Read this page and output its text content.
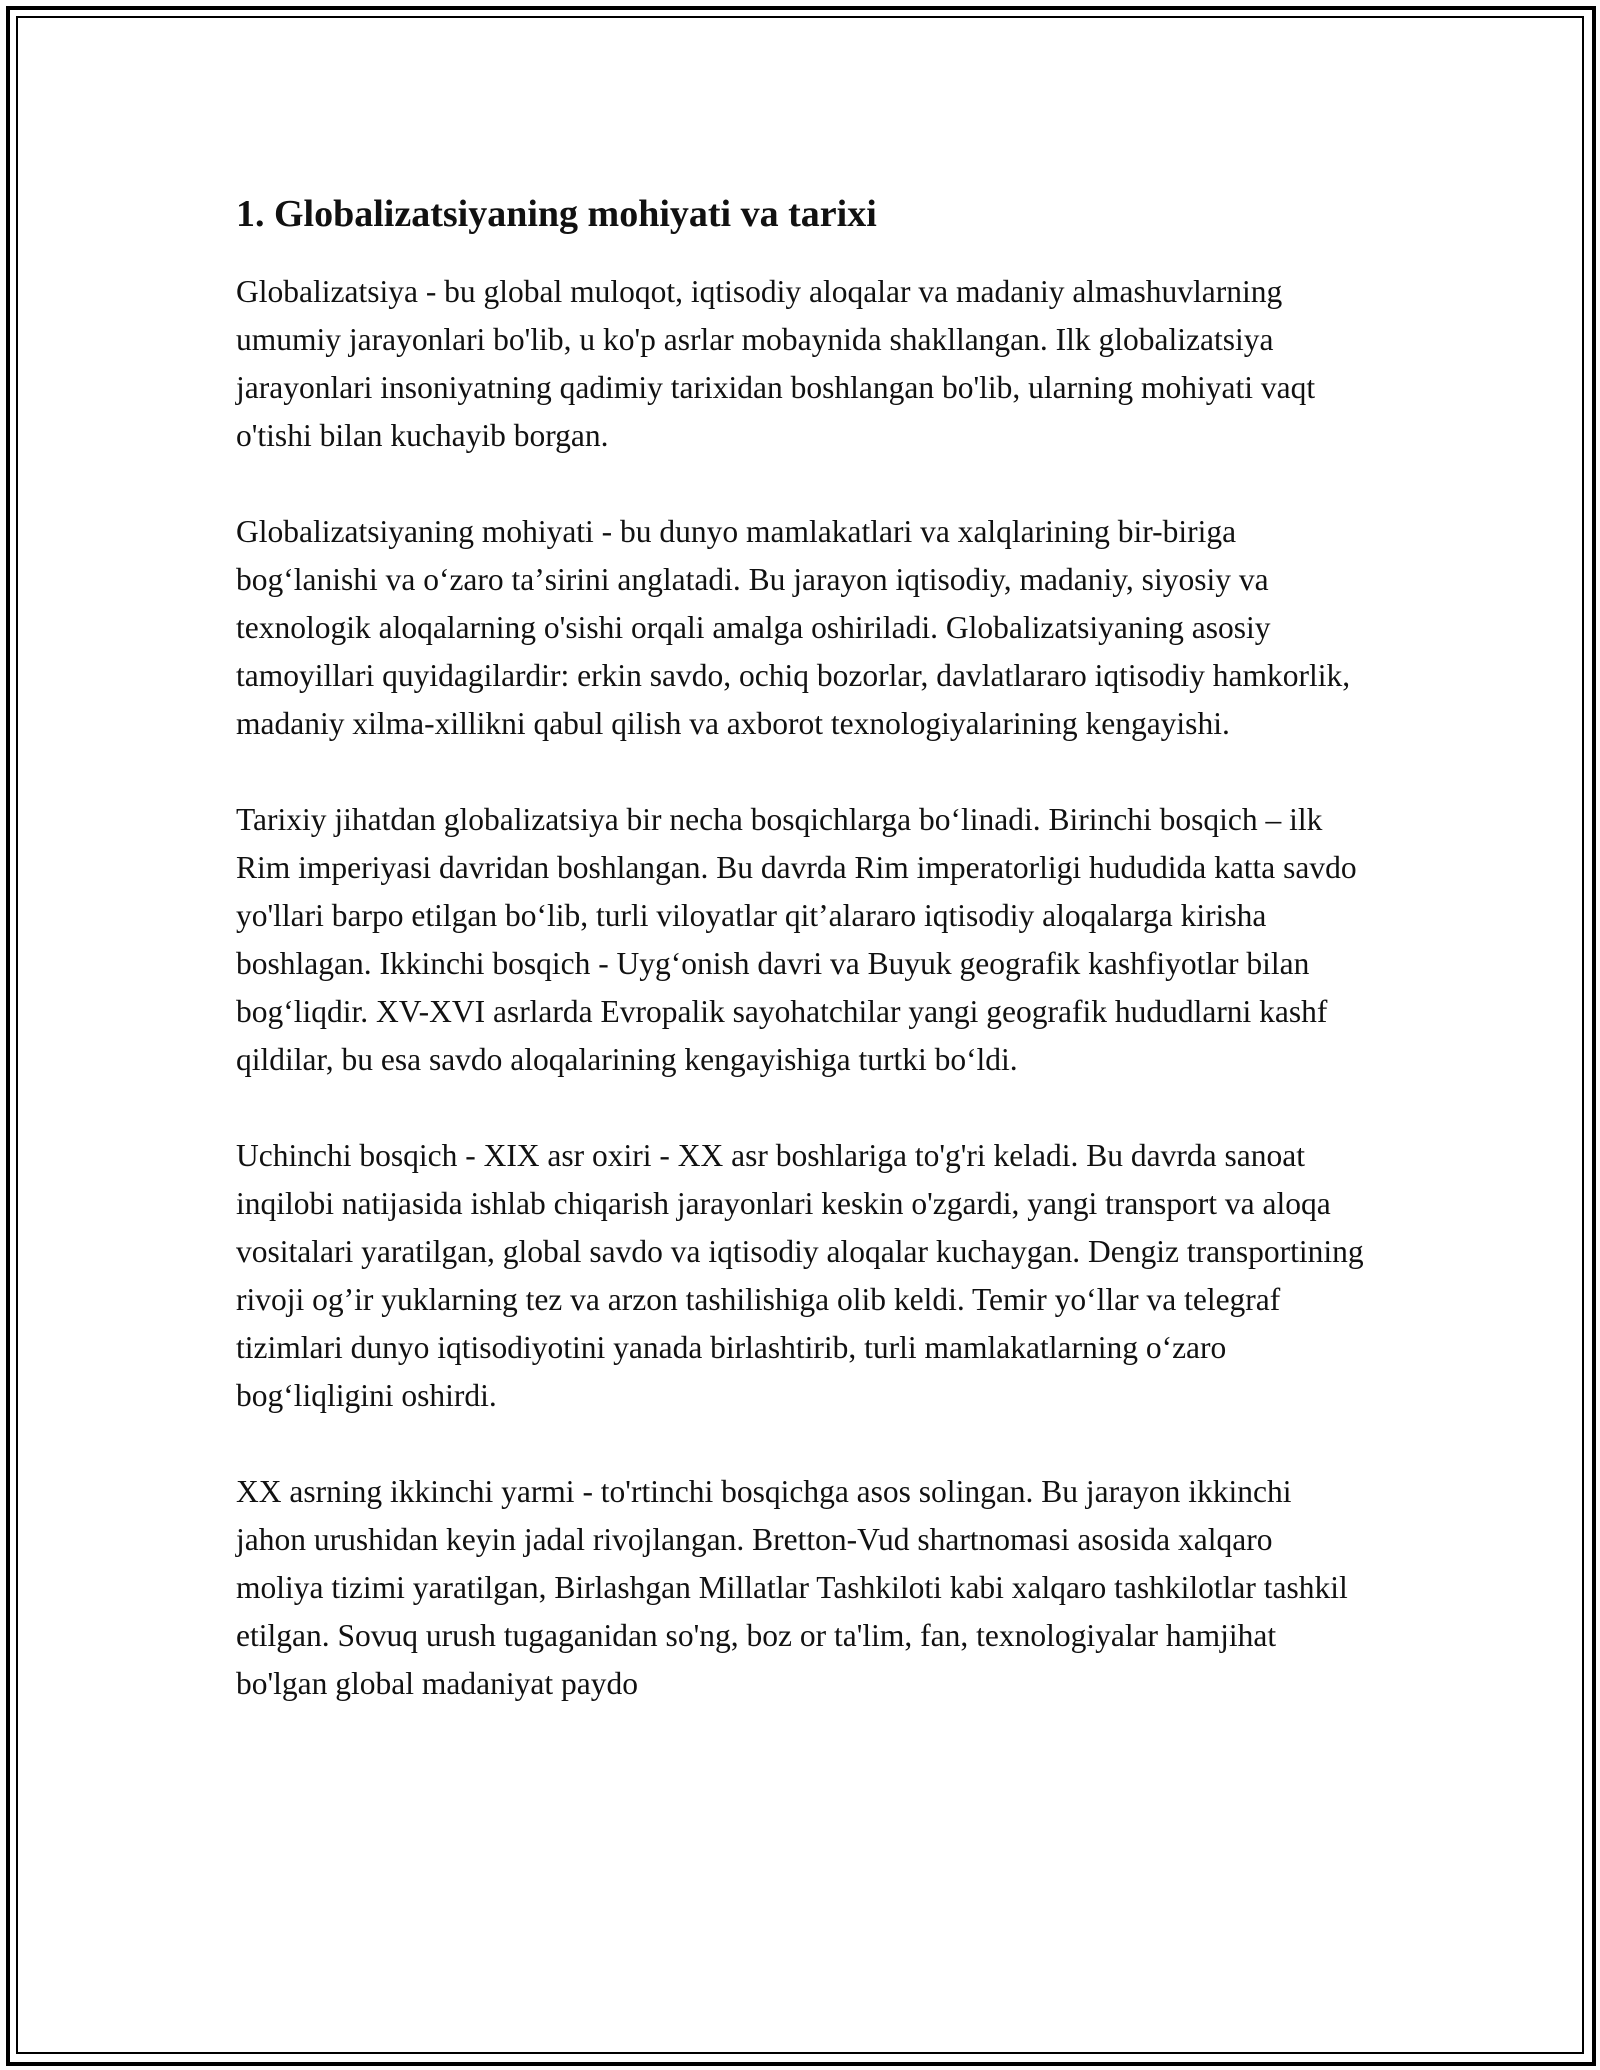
1. Globalizatsiyaning mohiyati va tarixi

Globalizatsiya - bu global muloqot, iqtisodiy aloqalar va madaniy almashuvlarning umumiy jarayonlari bo'lib, u ko'p asrlar mobaynida shakllangan. Ilk globalizatsiya jarayonlari insoniyatning qadimiy tarixidan boshlangan bo'lib, ularning mohiyati vaqt o'tishi bilan kuchayib borgan.

Globalizatsiyaning mohiyati - bu dunyo mamlakatlari va xalqlarining bir-biriga bogʻlanishi va oʻzaro taʼsirini anglatadi. Bu jarayon iqtisodiy, madaniy, siyosiy va texnologik aloqalarning o'sishi orqali amalga oshiriladi. Globalizatsiyaning asosiy tamoyillari quyidagilardir: erkin savdo, ochiq bozorlar, davlatlararo iqtisodiy hamkorlik, madaniy xilma-xillikni qabul qilish va axborot texnologiyalarining kengayishi.

Tarixiy jihatdan globalizatsiya bir necha bosqichlarga boʻlinadi. Birinchi bosqich – ilk Rim imperiyasi davridan boshlangan. Bu davrda Rim imperatorligi hududida katta savdo yo'llari barpo etilgan boʻlib, turli viloyatlar qitʼalararo iqtisodiy aloqalarga kirisha boshlagan. Ikkinchi bosqich - Uygʻonish davri va Buyuk geografik kashfiyotlar bilan bogʻliqdir. XV-XVI asrlarda Evropalik sayohatchilar yangi geografik hududlarni kashf qildilar, bu esa savdo aloqalarining kengayishiga turtki boʻldi.

Uchinchi bosqich - XIX asr oxiri - XX asr boshlariga to'g'ri keladi. Bu davrda sanoat inqilobi natijasida ishlab chiqarish jarayonlari keskin o'zgardi, yangi transport va aloqa vositalari yaratilgan, global savdo va iqtisodiy aloqalar kuchaygan. Dengiz transportining rivoji ogʼir yuklarning tez va arzon tashilishiga olib keldi. Temir yoʻllar va telegraf tizimlari dunyo iqtisodiyotini yanada birlashtirib, turli mamlakatlarning oʻzaro bogʻliqligini oshirdi.

XX asrning ikkinchi yarmi - to'rtinchi bosqichga asos solingan. Bu jarayon ikkinchi jahon urushidan keyin jadal rivojlangan. Bretton-Vud shartnomasi asosida xalqaro moliya tizimi yaratilgan, Birlashgan Millatlar Tashkiloti kabi xalqaro tashkilotlar tashkil etilgan. Sovuq urush tugaganidan so'ng, boz or ta'lim, fan, texnologiyalar hamjihat bo'lgan global madaniyat paydo
